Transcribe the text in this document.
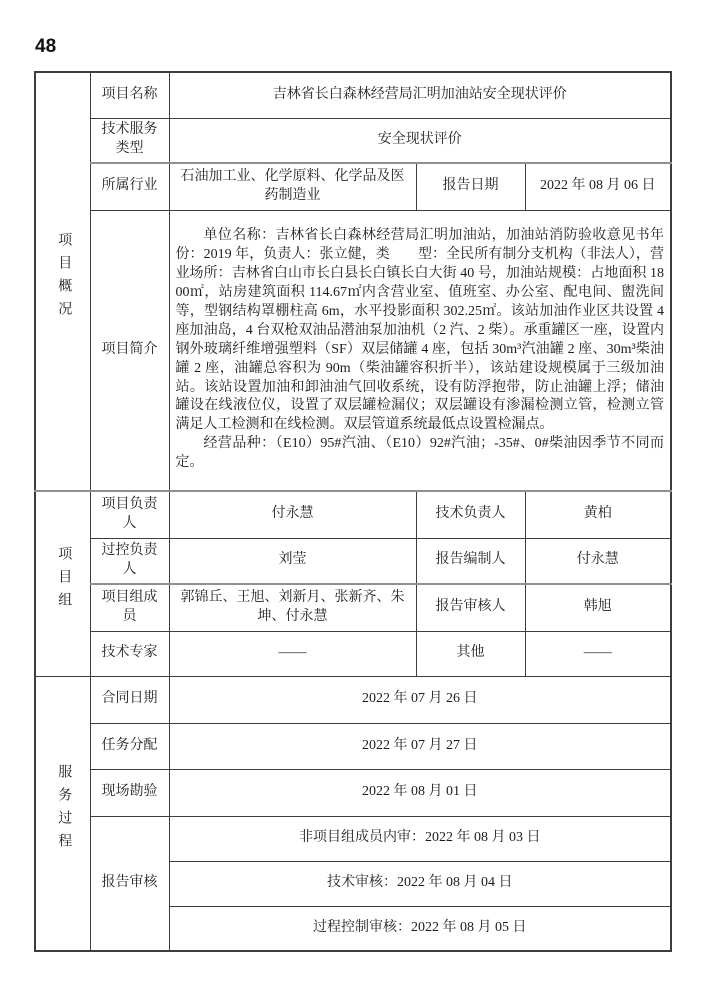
48
项目概况	项目名称	吉林省长白森林经营局汇明加油站安全现状评价		
	技术服务类型	安全现状评价		
	所属行业	石油加工业、化学原料、化学品及医药制造业	报告日期	2022 年 08 月 06 日
	项目简介	单位名称：吉林省长白森林经营局汇明加油站，加油站消防验收意见书年份：2019 年，负责人：张立健，类　　型：全民所有制分支机构（非法人），营业场所：吉林省白山市长白县长白镇长白大街 40 号，加油站规模：占地面积 1800㎡，站房建筑面积 114.67㎡内含营业室、值班室、办公室、配电间、盥洗间等，型钢结构罩棚柱高 6m，水平投影面积 302.25㎡。该站加油作业区共设置 4 座加油岛，4 台双枪双油品潜油泵加油机（2 汽、2 柴）。承重罐区一座，设置内钢外玻璃纤维增强塑料（SF）双层储罐 4 座，包括 30m³汽油罐 2 座、30m³柴油罐 2 座，油罐总容积为 90m（柴油罐容积折半），该站建设规模属于三级加油站。该站设置加油和卸油油气回收系统，设有防浮抱带，防止油罐上浮；储油罐设在线液位仪，设置了双层罐检漏仪；双层罐设有渗漏检测立管，检测立管满足人工检测和在线检测。双层管道系统最低点设置检漏点。

经营品种：（E10）95#汽油、（E10）92#汽油；-35#、0#柴油因季节不同而定。		

项目组	项目负责人	付永慧	技术负责人	黄柏
	过控负责人	刘莹	报告编制人	付永慧
	项目组成员	郭锦丘、王旭、刘新月、张新齐、朱坤、付永慧	报告审核人	韩旭
	技术专家	——	其他	——
服务过程	合同日期	2022 年 07 月 26 日		
	任务分配	2022 年 07 月 27 日		
	现场勘验	2022 年 08 月 01 日		
	报告审核	非项目组成员内审：2022 年 08 月 03 日		
		技术审核：2022 年 08 月 04 日		
		过程控制审核：2022 年 08 月 05 日		
